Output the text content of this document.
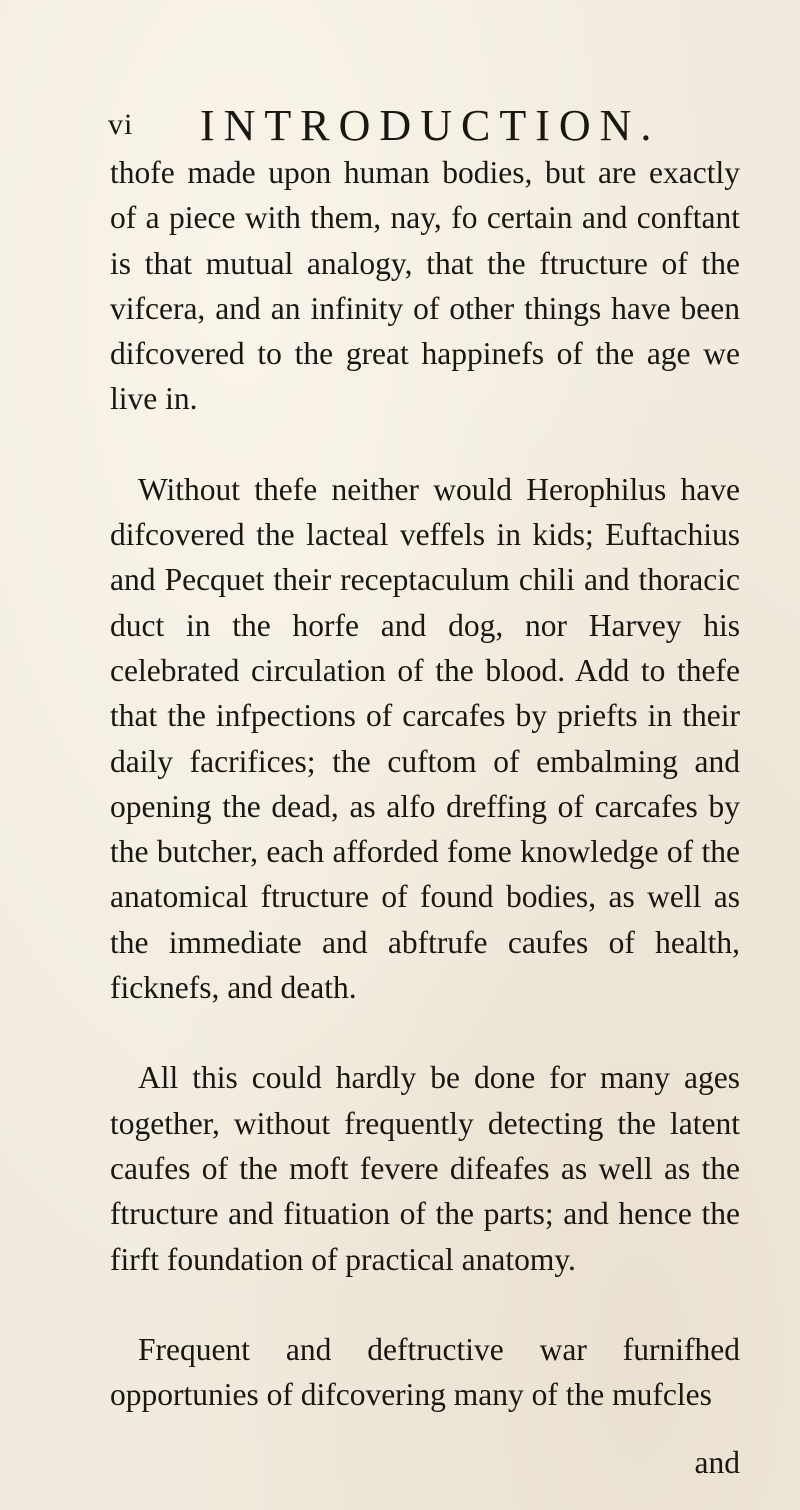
vi INTRODUCTION.

thofe made upon human bodies, but are exactly of a piece with them, nay, fo certain and conftant is that mutual analogy, that the ftructure of the vifcera, and an infinity of other things have been difcovered to the great happinefs of the age we live in.

Without thefe neither would Herophilus have difcovered the lacteal veffels in kids; Euftachius and Pecquet their receptaculum chili and thoracic duct in the horfe and dog, nor Harvey his celebrated circulation of the blood. Add to thefe that the infpections of carcafes by priefts in their daily facrifices; the cuftom of embalming and opening the dead, as alfo dreffing of carcafes by the butcher, each afforded fome knowledge of the anatomical ftructure of found bodies, as well as the immediate and abftrufe caufes of health, ficknefs, and death.

All this could hardly be done for many ages together, without frequently detecting the latent caufes of the moft fevere difeafes as well as the ftructure and fituation of the parts; and hence the firft foundation of practical anatomy.

Frequent and deftructive war furnifhed opportunies of difcovering many of the mufcles

and
